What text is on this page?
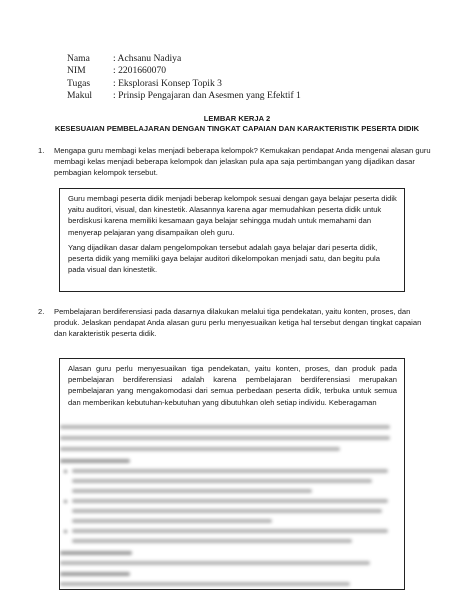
Nama	: Achsanu Nadiya
NIM	: 2201660070
Tugas	: Eksplorasi Konsep Topik 3
Makul	: Prinsip Pengajaran dan Asesmen yang Efektif 1
LEMBAR KERJA 2
KESESUAIAN PEMBELAJARAN DENGAN TINGKAT CAPAIAN DAN KARAKTERISTIK PESERTA DIDIK
1.	Mengapa guru membagi kelas menjadi beberapa kelompok? Kemukakan pendapat Anda mengenai alasan guru membagi kelas menjadi beberapa kelompok dan jelaskan pula apa saja pertimbangan yang dijadikan dasar pembagian kelompok tersebut.

Guru membagi peserta didik menjadi beberap kelompok sesuai dengan gaya belajar peserta didik yaitu auditori, visual, dan kinestetik. Alasannya karena agar memudahkan peserta didik untuk berdiskusi karena memiliki kesamaan gaya belajar sehingga mudah untuk memahami dan menyerap pelajaran yang disampaikan oleh guru.

Yang dijadikan dasar dalam pengelompokan tersebut adalah gaya belajar dari peserta didik, peserta didik yang memiliki gaya belajar auditori dikelompokan menjadi satu, dan begitu pula pada visual dan kinestetik.

2.	Pembelajaran berdiferensiasi pada dasarnya dilakukan melalui tiga pendekatan, yaitu konten, proses, dan produk. Jelaskan pendapat Anda alasan guru perlu menyesuaikan ketiga hal tersebut dengan tingkat capaian dan karakteristik peserta didik.

Alasan guru perlu menyesuaikan tiga pendekatan, yaitu konten, proses, dan produk pada pembelajaran berdiferensiasi adalah karena pembelajaran berdiferensiasi merupakan pembelajaran yang mengakomodasi dari semua perbedaan peserta didik, terbuka untuk semua dan memberikan kebutuhan-kebutuhan yang dibutuhkan oleh setiap individu. Keberagaman
